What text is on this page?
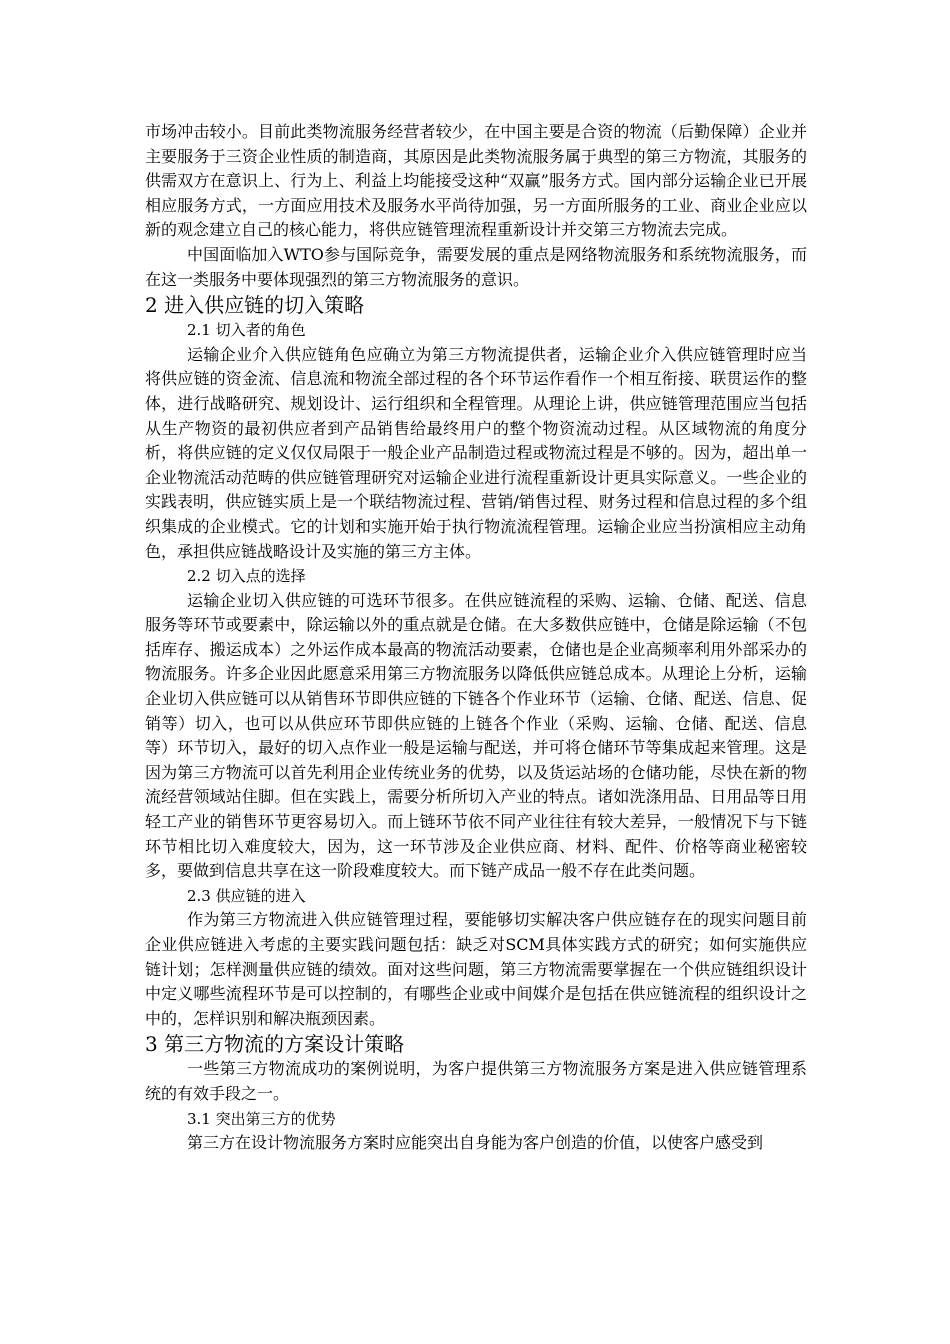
市场冲击较小。目前此类物流服务经营者较少，在中国主要是合资的物流（后勤保障）企业并主要服务于三资企业性质的制造商，其原因是此类物流服务属于典型的第三方物流，其服务的供需双方在意识上、行为上、利益上均能接受这种“双赢”服务方式。国内部分运输企业已开展相应服务方式，一方面应用技术及服务水平尚待加强，另一方面所服务的工业、商业企业应以新的观念建立自己的核心能力，将供应链管理流程重新设计并交第三方物流去完成。

中国面临加入WTO参与国际竞争，需要发展的重点是网络物流服务和系统物流服务，而在这一类服务中要体现强烈的第三方物流服务的意识。

2 进入供应链的切入策略
2.1 切入者的角色

运输企业介入供应链角色应确立为第三方物流提供者，运输企业介入供应链管理时应当将供应链的资金流、信息流和物流全部过程的各个环节运作看作一个相互衔接、联贯运作的整体，进行战略研究、规划设计、运行组织和全程管理。从理论上讲，供应链管理范围应当包括从生产物资的最初供应者到产品销售给最终用户的整个物资流动过程。从区域物流的角度分析，将供应链的定义仅仅局限于一般企业产品制造过程或物流过程是不够的。因为，超出单一企业物流活动范畴的供应链管理研究对运输企业进行流程重新设计更具实际意义。一些企业的实践表明，供应链实质上是一个联结物流过程、营销/销售过程、财务过程和信息过程的多个组织集成的企业模式。它的计划和实施开始于执行物流流程管理。运输企业应当扮演相应主动角色，承担供应链战略设计及实施的第三方主体。

2.2 切入点的选择

运输企业切入供应链的可选环节很多。在供应链流程的采购、运输、仓储、配送、信息服务等环节或要素中，除运输以外的重点就是仓储。在大多数供应链中，仓储是除运输（不包括库存、搬运成本）之外运作成本最高的物流活动要素，仓储也是企业高频率利用外部采办的物流服务。许多企业因此愿意采用第三方物流服务以降低供应链总成本。从理论上分析，运输企业切入供应链可以从销售环节即供应链的下链各个作业环节（运输、仓储、配送、信息、促销等）切入，也可以从供应环节即供应链的上链各个作业（采购、运输、仓储、配送、信息等）环节切入，最好的切入点作业一般是运输与配送，并可将仓储环节等集成起来管理。这是因为第三方物流可以首先利用企业传统业务的优势，以及货运站场的仓储功能，尽快在新的物流经营领域站住脚。但在实践上，需要分析所切入产业的特点。诸如洗涤用品、日用品等日用轻工产业的销售环节更容易切入。而上链环节依不同产业往往有较大差异，一般情况下与下链环节相比切入难度较大，因为，这一环节涉及企业供应商、材料、配件、价格等商业秘密较多，要做到信息共享在这一阶段难度较大。而下链产成品一般不存在此类问题。

2.3 供应链的进入

作为第三方物流进入供应链管理过程，要能够切实解决客户供应链存在的现实问题目前企业供应链进入考虑的主要实践问题包括：缺乏对SCM具体实践方式的研究；如何实施供应链计划；怎样测量供应链的绩效。面对这些问题，第三方物流需要掌握在一个供应链组织设计中定义哪些流程环节是可以控制的，有哪些企业或中间媒介是包括在供应链流程的组织设计之中的，怎样识别和解决瓶颈因素。

3 第三方物流的方案设计策略

一些第三方物流成功的案例说明，为客户提供第三方物流服务方案是进入供应链管理系统的有效手段之一。

3.1 突出第三方的优势

第三方在设计物流服务方案时应能突出自身能为客户创造的价值，以使客户感受到
